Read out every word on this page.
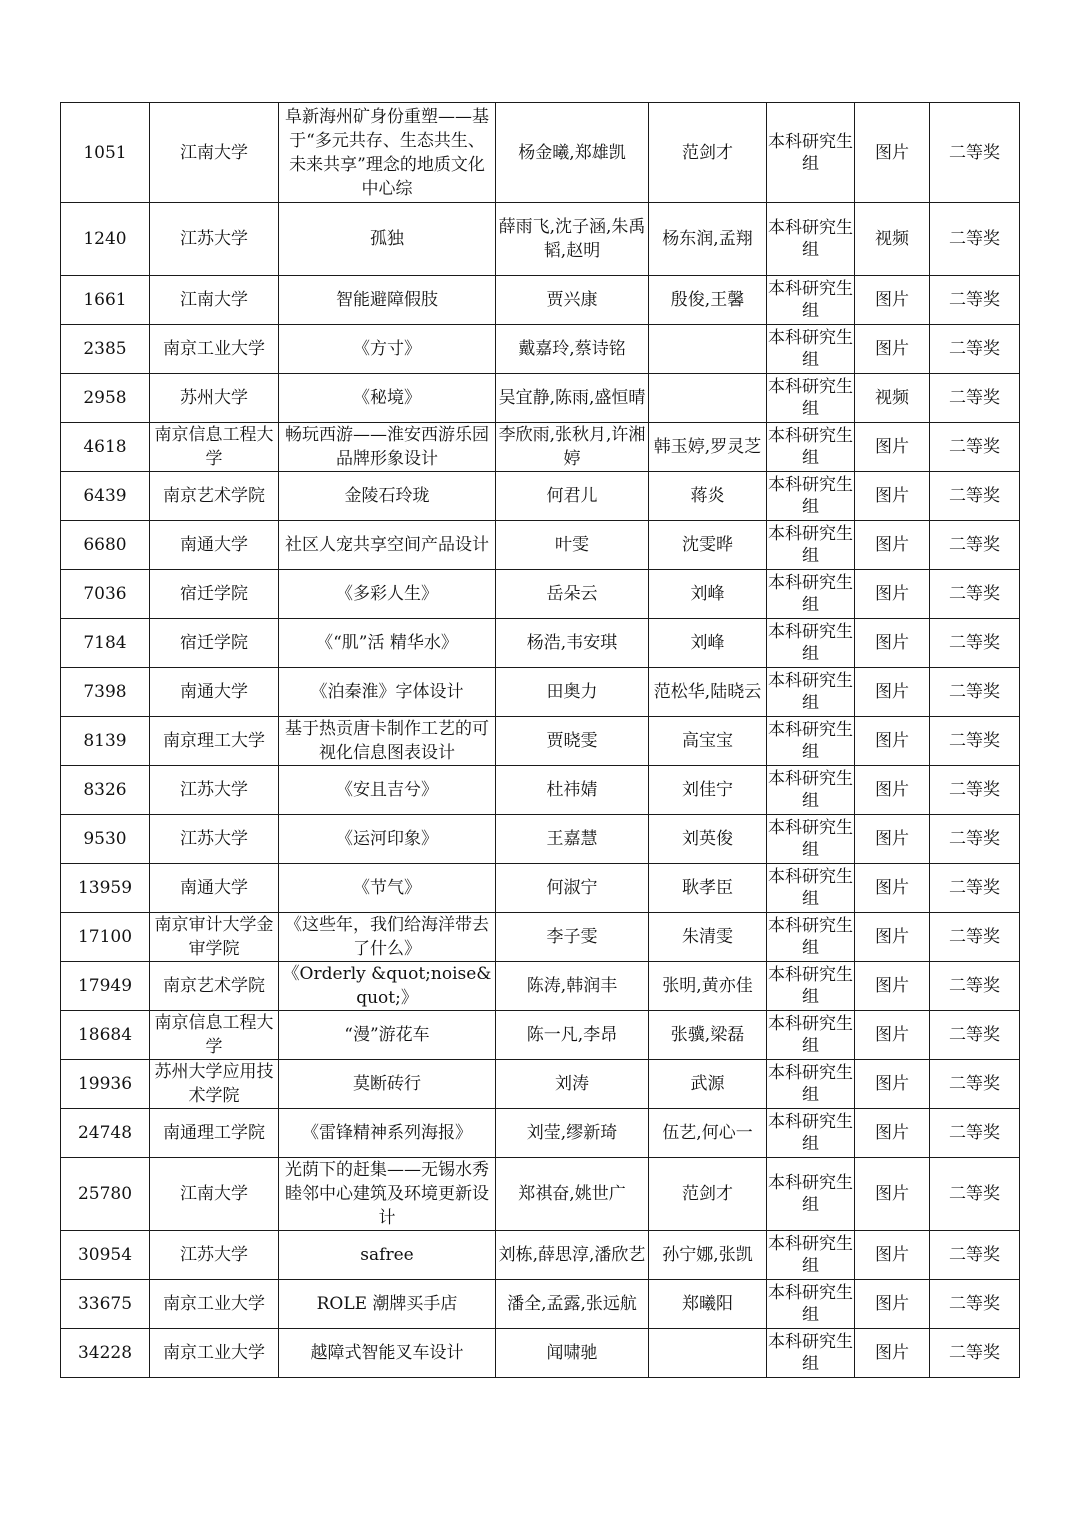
1051	江南大学	阜新海州矿身份重塑——基于“多元共存、生态共生、未来共享”理念的地质文化中心综	杨金曦,郑雄凯	范剑才	本科研究生组	图片	二等奖
1240	江苏大学	孤独	薛雨飞,沈子涵,朱禹韬,赵明	杨东润,孟翔	本科研究生组	视频	二等奖
1661	江南大学	智能避障假肢	贾兴康	殷俊,王馨	本科研究生组	图片	二等奖
2385	南京工业大学	《方寸》	戴嘉玲,蔡诗铭		本科研究生组	图片	二等奖
2958	苏州大学	《秘境》	吴宜静,陈雨,盛恒晴		本科研究生组	视频	二等奖
4618	南京信息工程大学	畅玩西游——淮安西游乐园品牌形象设计	李欣雨,张秋月,许湘婷	韩玉婷,罗灵芝	本科研究生组	图片	二等奖
6439	南京艺术学院	金陵石玲珑	何君儿	蒋炎	本科研究生组	图片	二等奖
6680	南通大学	社区人宠共享空间产品设计	叶雯	沈雯晔	本科研究生组	图片	二等奖
7036	宿迁学院	《多彩人生》	岳朵云	刘峰	本科研究生组	图片	二等奖
7184	宿迁学院	《“肌”活 精华水》	杨浩,韦安琪	刘峰	本科研究生组	图片	二等奖
7398	南通大学	《泊秦淮》字体设计	田奥力	范松华,陆晓云	本科研究生组	图片	二等奖
8139	南京理工大学	基于热贡唐卡制作工艺的可视化信息图表设计	贾晓雯	高宝宝	本科研究生组	图片	二等奖
8326	江苏大学	《安且吉兮》	杜祎婧	刘佳宁	本科研究生组	图片	二等奖
9530	江苏大学	《运河印象》	王嘉慧	刘英俊	本科研究生组	图片	二等奖
13959	南通大学	《节气》	何淑宁	耿孝臣	本科研究生组	图片	二等奖
17100	南京审计大学金审学院	《这些年，我们给海洋带去了什么》	李子雯	朱清雯	本科研究生组	图片	二等奖
17949	南京艺术学院	《Orderly &quot;noise&quot;》	陈涛,韩润丰	张明,黄亦佳	本科研究生组	图片	二等奖
18684	南京信息工程大学	“漫”游花车	陈一凡,李昂	张骥,梁磊	本科研究生组	图片	二等奖
19936	苏州大学应用技术学院	莫断砖行	刘涛	武源	本科研究生组	图片	二等奖
24748	南通理工学院	《雷锋精神系列海报》	刘莹,缪新琦	伍艺,何心一	本科研究生组	图片	二等奖
25780	江南大学	光荫下的赶集——无锡水秀睦邻中心建筑及环境更新设计	郑祺奋,姚世广	范剑才	本科研究生组	图片	二等奖
30954	江苏大学	safree	刘栋,薛思淳,潘欣艺	孙宁娜,张凯	本科研究生组	图片	二等奖
33675	南京工业大学	ROLE 潮牌买手店	潘全,孟露,张远航	郑曦阳	本科研究生组	图片	二等奖
34228	南京工业大学	越障式智能叉车设计	闻啸驰		本科研究生组	图片	二等奖
